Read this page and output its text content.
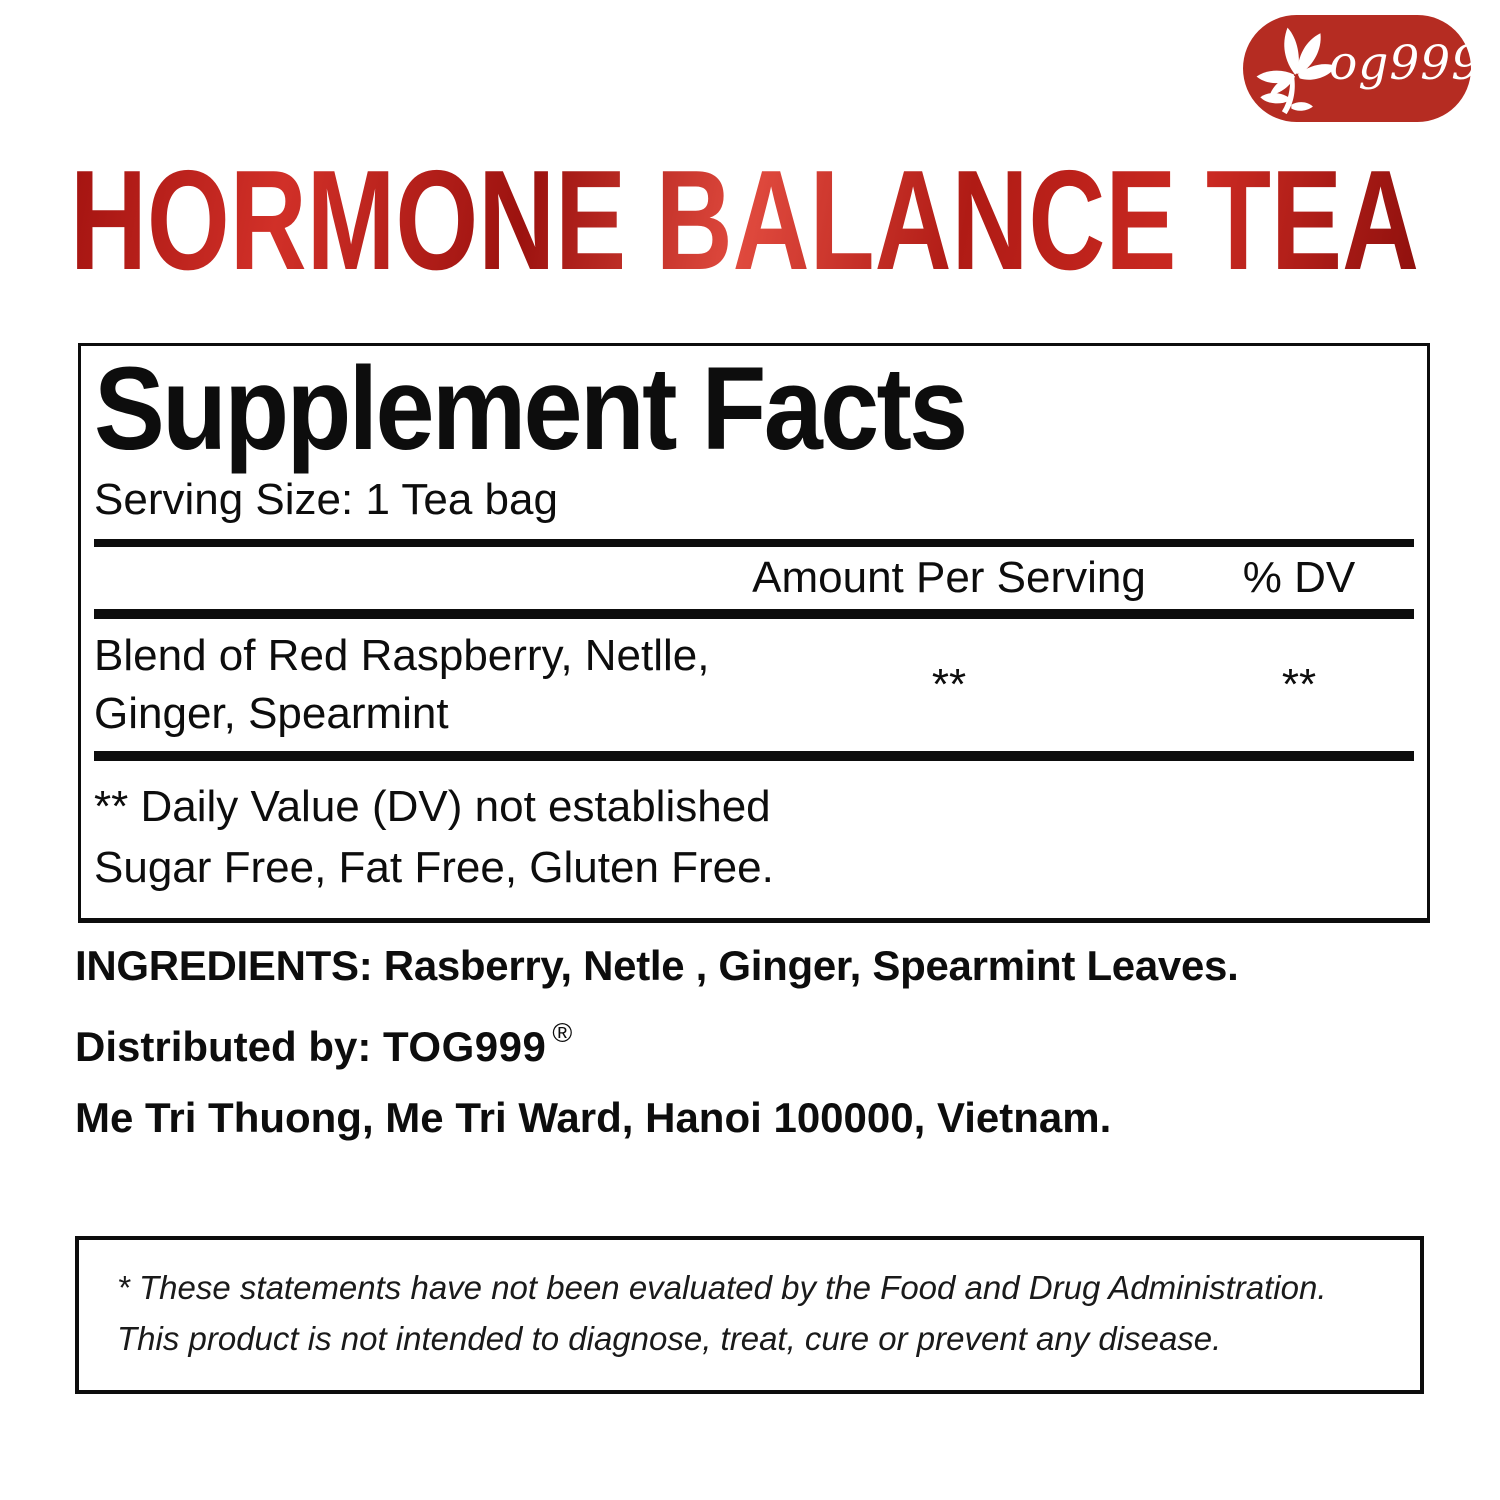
og999
HORMONE BALANCE TEA
Supplement Facts
Serving Size: 1 Tea bag
Amount Per Serving	% DV
Blend of Red Raspberry, Netlle,
Ginger, Spearmint
**	**
** Daily Value (DV) not established
Sugar Free, Fat Free, Gluten Free.
INGREDIENTS: Rasberry, Netle , Ginger, Spearmint Leaves.
Distributed by: TOG999 ®
Me Tri Thuong, Me Tri Ward, Hanoi 100000, Vietnam.
* These statements have not been evaluated by the Food and Drug Administration.
This product is not intended to diagnose, treat, cure or prevent any disease.
